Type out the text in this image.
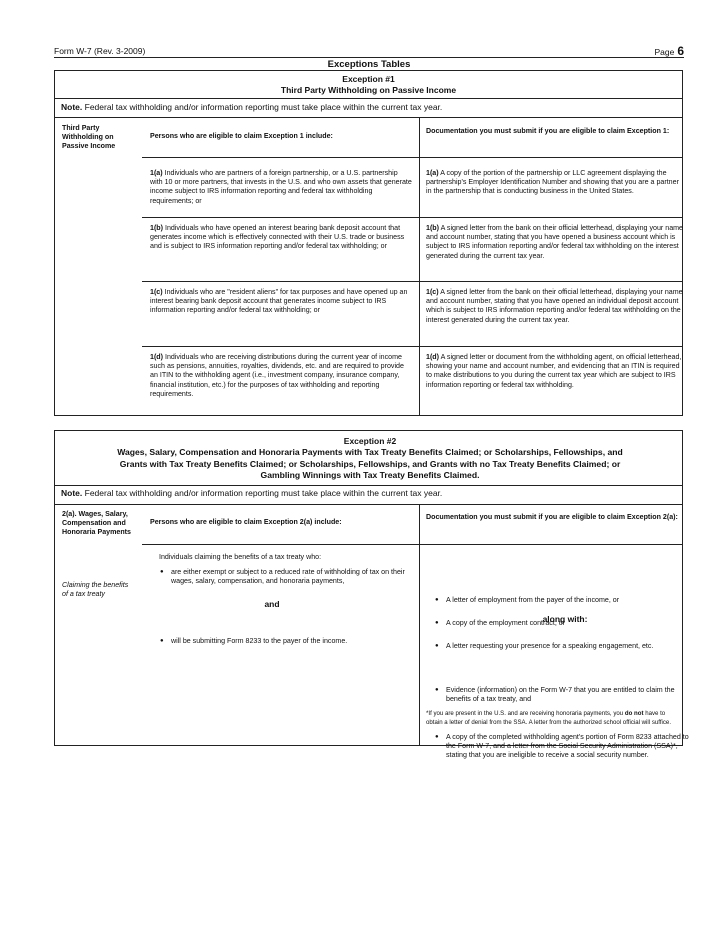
Form W-7 (Rev. 3-2009)	Page 6
Exceptions Tables
Exception #1
Third Party Withholding on Passive Income
Note. Federal tax withholding and/or information reporting must take place within the current tax year.
Third Party Withholding on Passive Income
Persons who are eligible to claim Exception 1 include:
Documentation you must submit if you are eligible to claim Exception 1:
1(a) Individuals who are partners of a foreign partnership, or a U.S. partnership with 10 or more partners, that invests in the U.S. and who own assets that generate income subject to IRS information reporting and federal tax withholding requirements; or
1(a) A copy of the portion of the partnership or LLC agreement displaying the partnership's Employer Identification Number and showing that you are a partner in the partnership that is conducting business in the United States.
1(b) Individuals who have opened an interest bearing bank deposit account that generates income which is effectively connected with their U.S. trade or business and is subject to IRS information reporting and/or federal tax withholding; or
1(b) A signed letter from the bank on their official letterhead, displaying your name and account number, stating that you have opened a business account which is subject to IRS information reporting and/or federal tax withholding on the interest generated during the current tax year.
1(c) Individuals who are "resident aliens" for tax purposes and have opened up an interest bearing bank deposit account that generates income subject to IRS information reporting and/or federal tax withholding; or
1(c) A signed letter from the bank on their official letterhead, displaying your name and account number, stating that you have opened an individual deposit account which is subject to IRS information reporting and/or federal tax withholding on the interest generated during the current tax year.
1(d) Individuals who are receiving distributions during the current year of income such as pensions, annuities, royalties, dividends, etc. and are required to provide an ITIN to the withholding agent (i.e., investment company, insurance company, financial institution, etc.) for the purposes of tax withholding and reporting requirements.
1(d) A signed letter or document from the withholding agent, on official letterhead, showing your name and account number, and evidencing that an ITIN is required to make distributions to you during the current tax year which are subject to IRS information reporting or federal tax withholding.
Exception #2
Wages, Salary, Compensation and Honoraria Payments with Tax Treaty Benefits Claimed; or Scholarships, Fellowships, and Grants with Tax Treaty Benefits Claimed; or Scholarships, Fellowships, and Grants with no Tax Treaty Benefits Claimed; or Gambling Winnings with Tax Treaty Benefits Claimed.
Note. Federal tax withholding and/or information reporting must take place within the current tax year.
2(a). Wages, Salary, Compensation and Honoraria Payments
Claiming the benefits of a tax treaty
Persons who are eligible to claim Exception 2(a) include:
Documentation you must submit if you are eligible to claim Exception 2(a):
Individuals claiming the benefits of a tax treaty who:
● are either exempt or subject to a reduced rate of withholding of tax on their wages, salary, compensation, and honoraria payments,
and
● will be submitting Form 8233 to the payer of the income.
● A letter of employment from the payer of the income, or
● A copy of the employment contract, or
● A letter requesting your presence for a speaking engagement, etc.
along with:
● Evidence (information) on the Form W-7 that you are entitled to claim the benefits of a tax treaty, and
● A copy of the completed withholding agent's portion of Form 8233 attached to the Form W-7, and a letter from the Social Security Administration (SSA)*, stating that you are ineligible to receive a social security number.
*If you are present in the U.S. and are receiving honoraria payments, you do not have to obtain a letter of denial from the SSA. A letter from the authorized school official will suffice.
